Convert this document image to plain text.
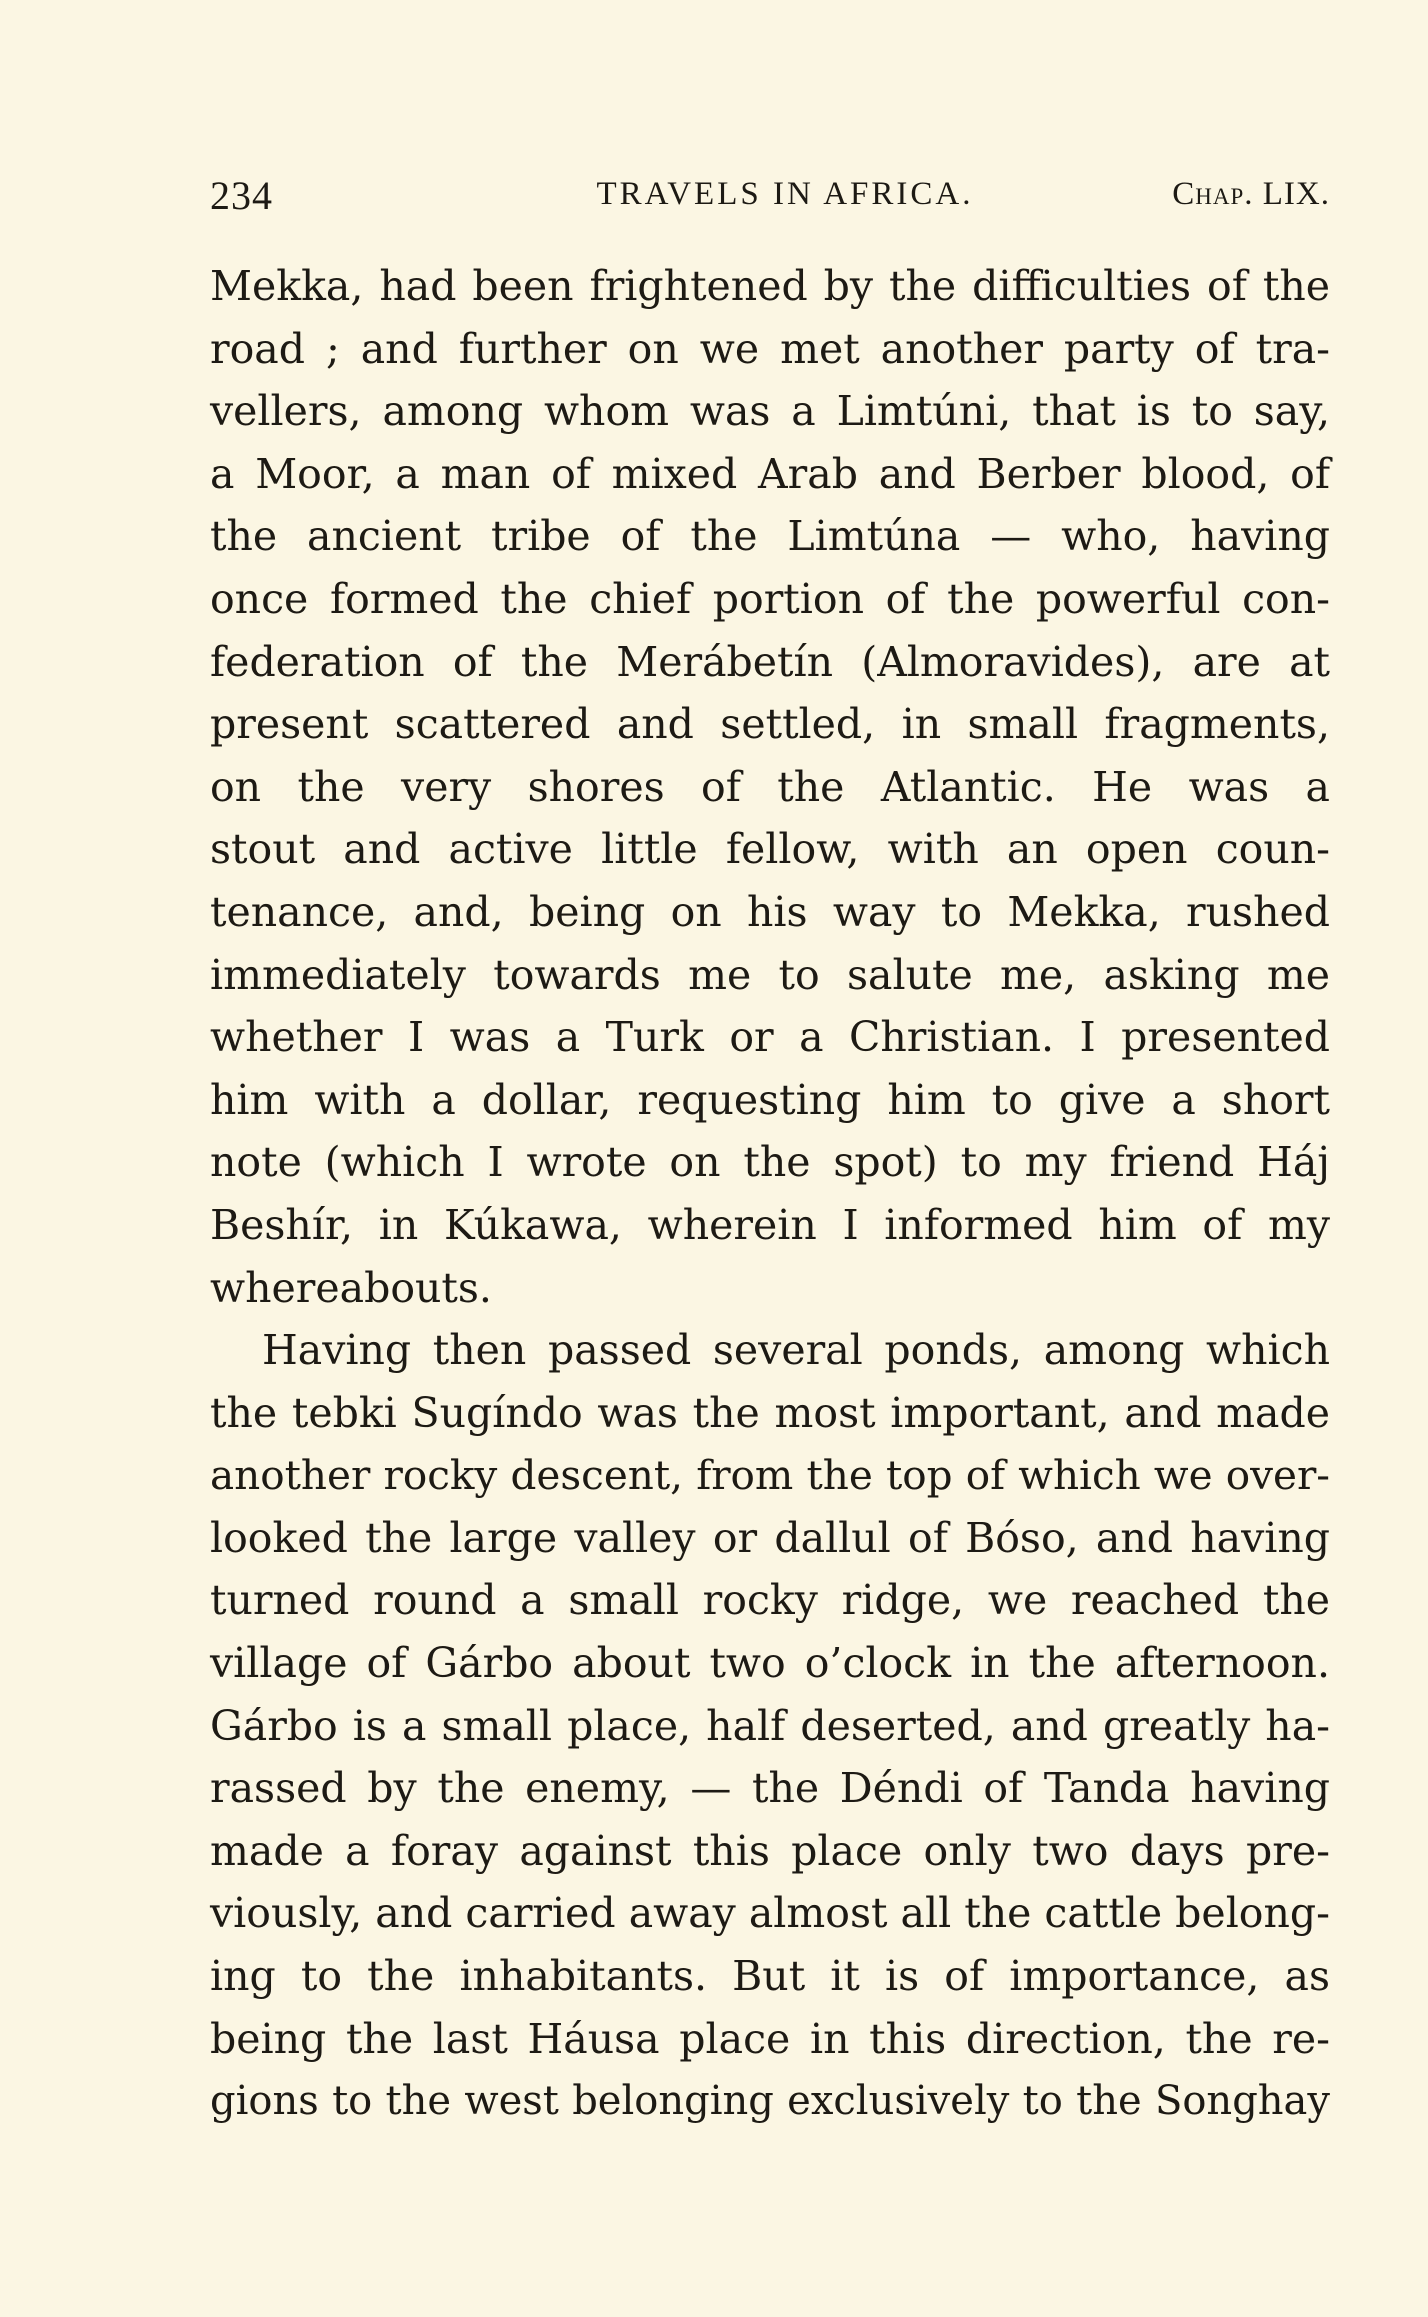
234	TRAVELS IN AFRICA.	Chap. LIX.
Mekka, had been frightened by the difficulties of the
road ; and further on we met another party of tra-
vellers, among whom was a Limtúni, that is to say,
a Moor, a man of mixed Arab and Berber blood, of
the ancient tribe of the Limtúna — who, having
once formed the chief portion of the powerful con-
federation of the Merábetín (Almoravides), are at
present scattered and settled, in small fragments,
on the very shores of the Atlantic. He was a
stout and active little fellow, with an open coun-
tenance, and, being on his way to Mekka, rushed
immediately towards me to salute me, asking me
whether I was a Turk or a Christian. I presented
him with a dollar, requesting him to give a short
note (which I wrote on the spot) to my friend Háj
Beshír, in Kúkawa, wherein I informed him of my
whereabouts.
Having then passed several ponds, among which
the tebki Sugíndo was the most important, and made
another rocky descent, from the top of which we over-
looked the large valley or dallul of Bóso, and having
turned round a small rocky ridge, we reached the
village of Gárbo about two o’clock in the afternoon.
Gárbo is a small place, half deserted, and greatly ha-
rassed by the enemy, — the Déndi of Tanda having
made a foray against this place only two days pre-
viously, and carried away almost all the cattle belong-
ing to the inhabitants. But it is of importance, as
being the last Háusa place in this direction, the re-
gions to the west belonging exclusively to the Songhay
